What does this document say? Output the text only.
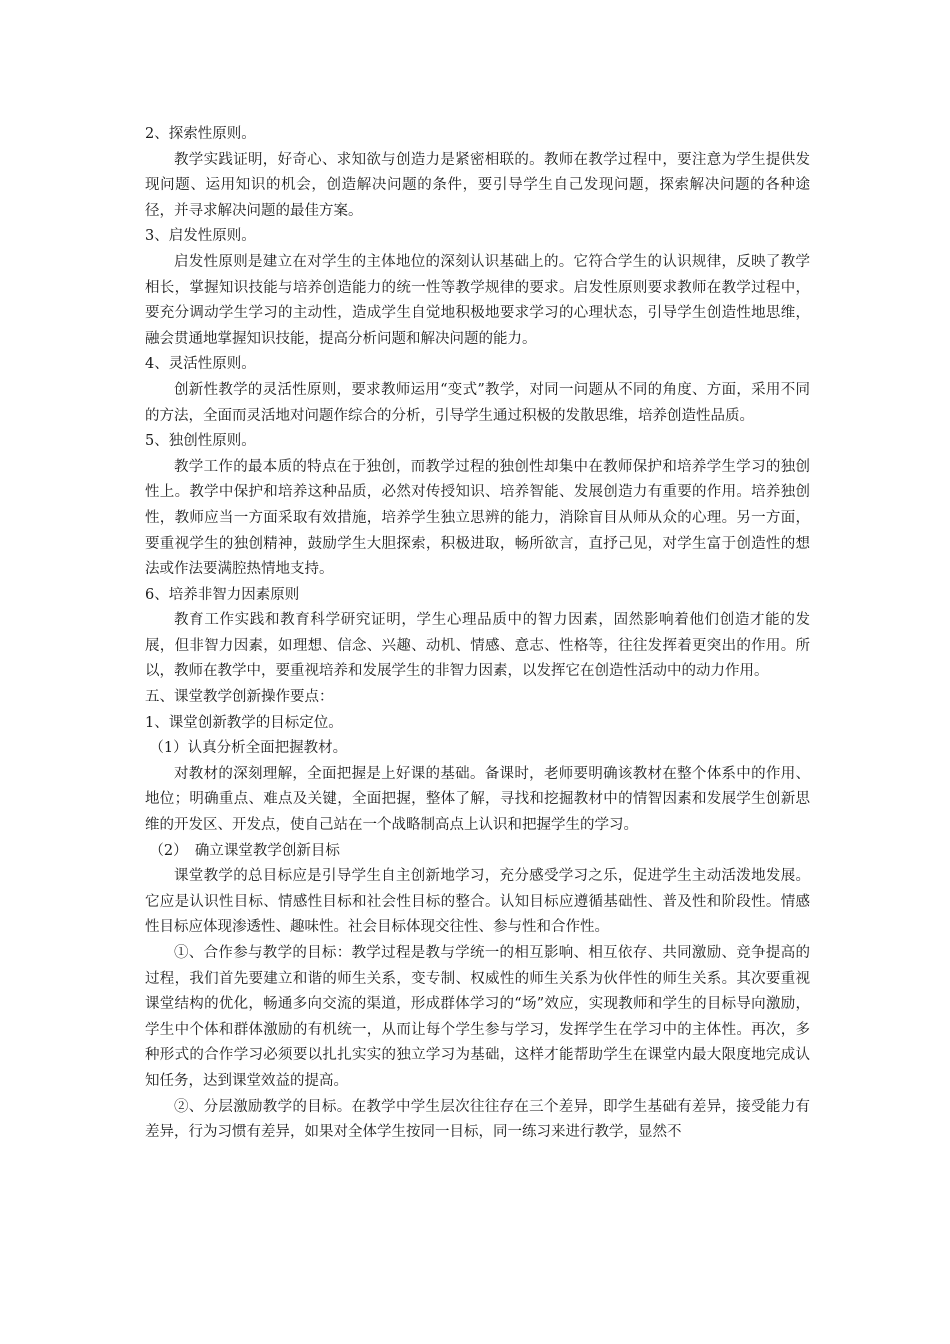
2、探索性原则。

教学实践证明，好奇心、求知欲与创造力是紧密相联的。教师在教学过程中，要注意为学生提供发现问题、运用知识的机会，创造解决问题的条件，要引导学生自己发现问题，探索解决问题的各种途径，并寻求解决问题的最佳方案。

3、启发性原则。

启发性原则是建立在对学生的主体地位的深刻认识基础上的。它符合学生的认识规律，反映了教学相长，掌握知识技能与培养创造能力的统一性等教学规律的要求。启发性原则要求教师在教学过程中，要充分调动学生学习的主动性，造成学生自觉地积极地要求学习的心理状态，引导学生创造性地思维，融会贯通地掌握知识技能，提高分析问题和解决问题的能力。

4、灵活性原则。

创新性教学的灵活性原则，要求教师运用“变式”教学，对同一问题从不同的角度、方面，采用不同的方法，全面而灵活地对问题作综合的分析，引导学生通过积极的发散思维，培养创造性品质。

5、独创性原则。

教学工作的最本质的特点在于独创，而教学过程的独创性却集中在教师保护和培养学生学习的独创性上。教学中保护和培养这种品质，必然对传授知识、培养智能、发展创造力有重要的作用。培养独创性，教师应当一方面采取有效措施，培养学生独立思辨的能力，消除盲目从师从众的心理。另一方面，要重视学生的独创精神，鼓励学生大胆探索，积极进取，畅所欲言，直抒己见，对学生富于创造性的想法或作法要满腔热情地支持。

6、培养非智力因素原则

教育工作实践和教育科学研究证明，学生心理品质中的智力因素，固然影响着他们创造才能的发展，但非智力因素，如理想、信念、兴趣、动机、情感、意志、性格等，往往发挥着更突出的作用。所以，教师在教学中，要重视培养和发展学生的非智力因素，以发挥它在创造性活动中的动力作用。

五、课堂教学创新操作要点：

1、课堂创新教学的目标定位。

（1）认真分析全面把握教材。

对教材的深刻理解，全面把握是上好课的基础。备课时，老师要明确该教材在整个体系中的作用、地位；明确重点、难点及关键，全面把握，整体了解，寻找和挖掘教材中的情智因素和发展学生创新思维的开发区、开发点，使自己站在一个战略制高点上认识和把握学生的学习。

（2）　确立课堂教学创新目标

课堂教学的总目标应是引导学生自主创新地学习，充分感受学习之乐，促进学生主动活泼地发展。它应是认识性目标、情感性目标和社会性目标的整合。认知目标应遵循基础性、普及性和阶段性。情感性目标应体现渗透性、趣味性。社会目标体现交往性、参与性和合作性。

①、合作参与教学的目标：教学过程是教与学统一的相互影响、相互依存、共同激励、竞争提高的过程，我们首先要建立和谐的师生关系，变专制、权威性的师生关系为伙伴性的师生关系。其次要重视课堂结构的优化，畅通多向交流的渠道，形成群体学习的“场”效应，实现教师和学生的目标导向激励，学生中个体和群体激励的有机统一，从而让每个学生参与学习，发挥学生在学习中的主体性。再次，多种形式的合作学习必须要以扎扎实实的独立学习为基础，这样才能帮助学生在课堂内最大限度地完成认知任务，达到课堂效益的提高。

②、分层激励教学的目标。在教学中学生层次往往存在三个差异，即学生基础有差异，接受能力有差异，行为习惯有差异，如果对全体学生按同一目标，同一练习来进行教学，显然不
